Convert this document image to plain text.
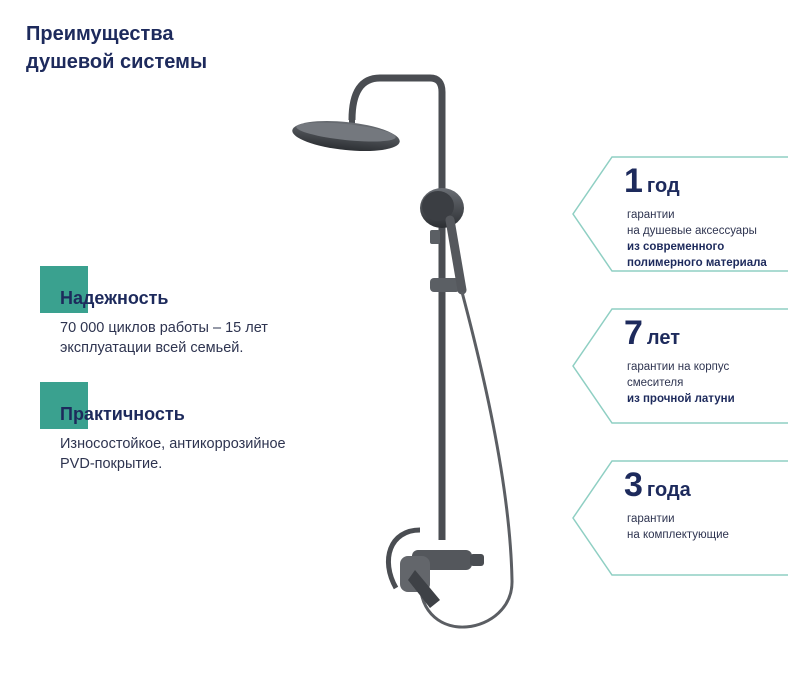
Преимущества
душевой системы
Надежность
70 000 циклов работы – 15 лет
эксплуатации всей семьей.
Практичность
Износостойкое, антикоррозийное
PVD-покрытие.
1 год
гарантии
на душевые аксессуары
из современного
полимерного материала
7 лет
гарантии на корпус
смесителя
из прочной латуни
3 года
гарантии
на комплектующие
